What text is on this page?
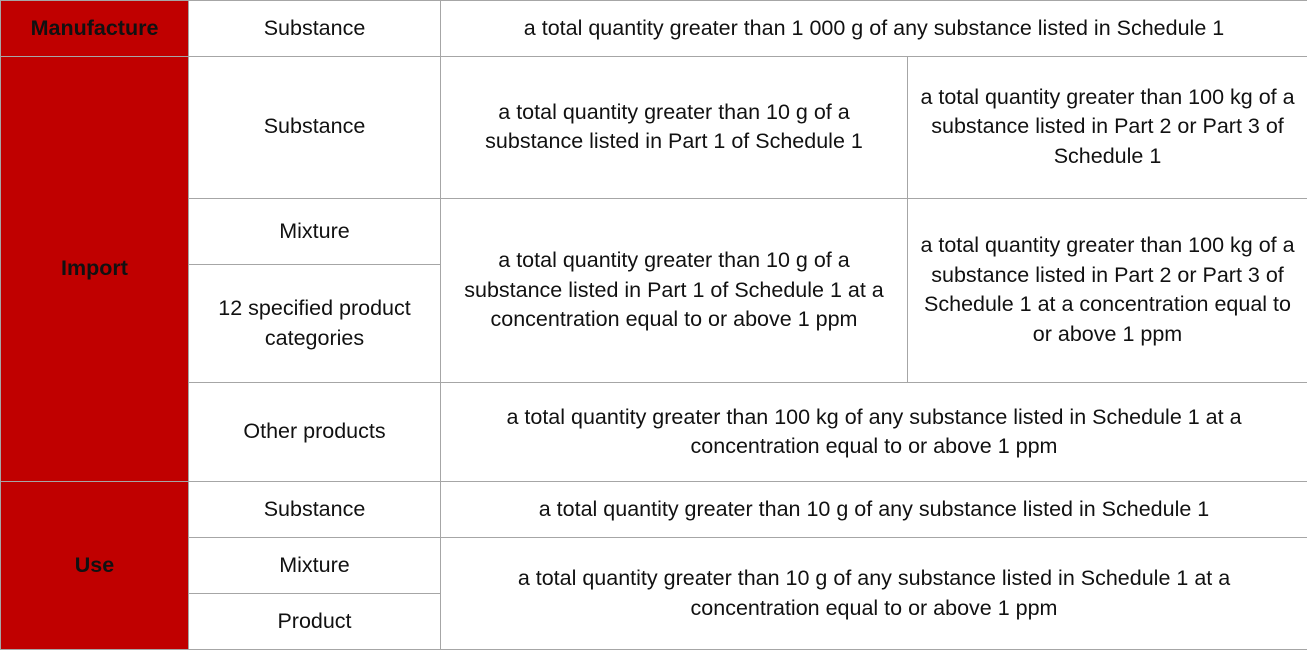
Manufacture	Substance	a total quantity greater than 1 000 g of any substance listed in Schedule 1	
Import	Substance	a total quantity greater than 10 g of a substance listed in Part 1 of Schedule 1	a total quantity greater than 100 kg of a substance listed in Part 2 or Part 3 of Schedule 1
	Mixture	a total quantity greater than 10 g of a substance listed in Part 1 of Schedule 1 at a concentration equal to or above 1 ppm	a total quantity greater than 100 kg of a substance listed in Part 2 or Part 3 of Schedule 1 at a concentration equal to or above 1 ppm
	12 specified product categories		
	Other products	a total quantity greater than 100 kg of any substance listed in Schedule 1 at a concentration equal to or above 1 ppm	
Use	Substance	a total quantity greater than 10 g of any substance listed in Schedule 1	
	Mixture	a total quantity greater than 10 g of any substance listed in Schedule 1 at a concentration equal to or above 1 ppm	
	Product		
